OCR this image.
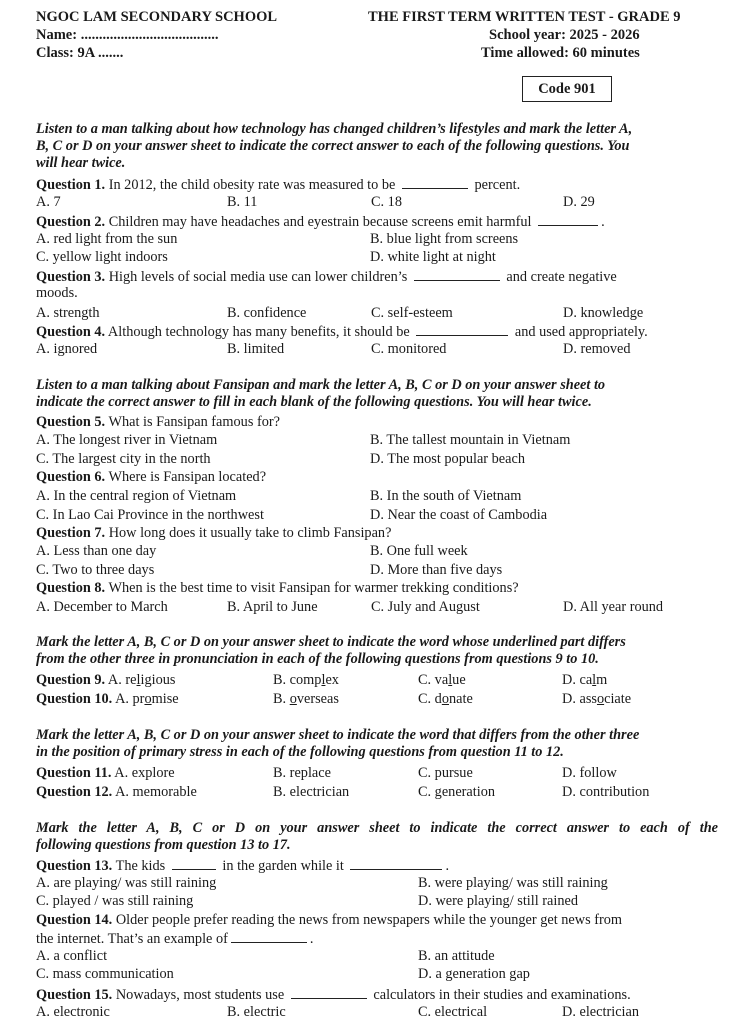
NGOC LAM SECONDARY SCHOOL
Name: ......................................
Class: 9A .......
THE FIRST TERM WRITTEN TEST - GRADE 9
School year: 2025 - 2026
Time allowed: 60 minutes
Code 901
Listen to a man talking about how technology has changed children’s lifestyles and mark the letter A,
B, C or D on your answer sheet to indicate the correct answer to each of the following questions. You
will hear twice.
Question 1. In 2012, the child obesity rate was measured to be	percent.
A. 7	B. 11	C. 18	D. 29
Question 2. Children may have headaches and eyestrain because screens emit harmful	.
A. red light from the sun	B. blue light from screens
C. yellow light indoors	D. white light at night
Question 3. High levels of social media use can lower children’s	and create negative
moods.
A. strength	B. confidence	C. self-esteem	D. knowledge
Question 4. Although technology has many benefits, it should be	and used appropriately.
A. ignored	B. limited	C. monitored	D. removed
Listen to a man talking about Fansipan and mark the letter A, B, C or D on your answer sheet to
indicate the correct answer to fill in each blank of the following questions. You will hear twice.
Question 5. What is Fansipan famous for?
A. The longest river in Vietnam	B. The tallest mountain in Vietnam
C. The largest city in the north	D. The most popular beach
Question 6. Where is Fansipan located?
A. In the central region of Vietnam	B. In the south of Vietnam
C. In Lao Cai Province in the northwest	D. Near the coast of Cambodia
Question 7. How long does it usually take to climb Fansipan?
A. Less than one day	B. One full week
C. Two to three days	D. More than five days
Question 8. When is the best time to visit Fansipan for warmer trekking conditions?
A. December to March	B. April to June	C. July and August	D. All year round
Mark the letter A, B, C or D on your answer sheet to indicate the word whose underlined part differs
from the other three in pronunciation in each of the following questions from questions 9 to 10.
Question 9. A. religious	B. complex	C. value	D. calm
Question 10. A. promise	B. overseas	C. donate	D. associate
Mark the letter A, B, C or D on your answer sheet to indicate the word that differs from the other three
in the position of primary stress in each of the following questions from question 11 to 12.
Question 11. A. explore	B. replace	C. pursue	D. follow
Question 12. A. memorable	B. electrician	C. generation	D. contribution
Mark the letter A, B, C or D on your answer sheet to indicate the correct answer to each of the
following questions from question 13 to 17.
Question 13. The kids	in the garden while it	.
A. are playing/ was still raining	B. were playing/ was still raining
C. played / was still raining	D. were playing/ still rained
Question 14. Older people prefer reading the news from newspapers while the younger get news from
the internet. That’s an example of	.
A. a conflict	B. an attitude
C. mass communication	D. a generation gap
Question 15. Nowadays, most students use	calculators in their studies and examinations.
A. electronic	B. electric	C. electrical	D. electrician
